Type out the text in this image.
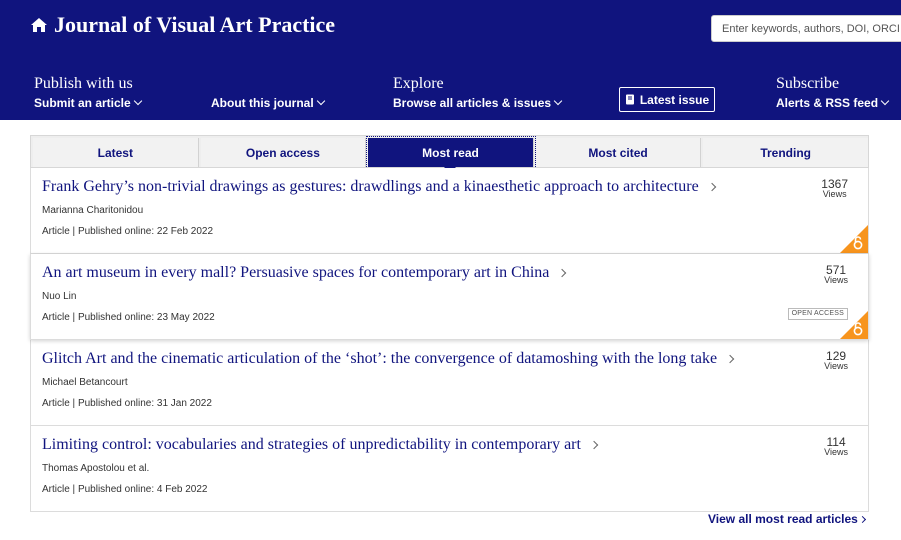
Journal of Visual Art Practice
Enter keywords, authors, DOI, ORCID
Publish with us
Submit an article	About this journal
Explore
Browse all articles & issues	Latest issue
Subscribe
Alerts & RSS feed
Latest	Open access	Most read	Most cited	Trending
Frank Gehry’s non-trivial drawings as gestures: drawdlings and a kinaesthetic approach to architecture
Marianna Charitonidou
Article | Published online: 22 Feb 2022
1367
Views
An art museum in every mall? Persuasive spaces for contemporary art in China
Nuo Lin
Article | Published online: 23 May 2022
571
Views
OPEN ACCESS
Glitch Art and the cinematic articulation of the ‘shot’: the convergence of datamoshing with the long take
Michael Betancourt
Article | Published online: 31 Jan 2022
129
Views
Limiting control: vocabularies and strategies of unpredictability in contemporary art
Thomas Apostolou et al.
Article | Published online: 4 Feb 2022
114
Views
View all most read articles
